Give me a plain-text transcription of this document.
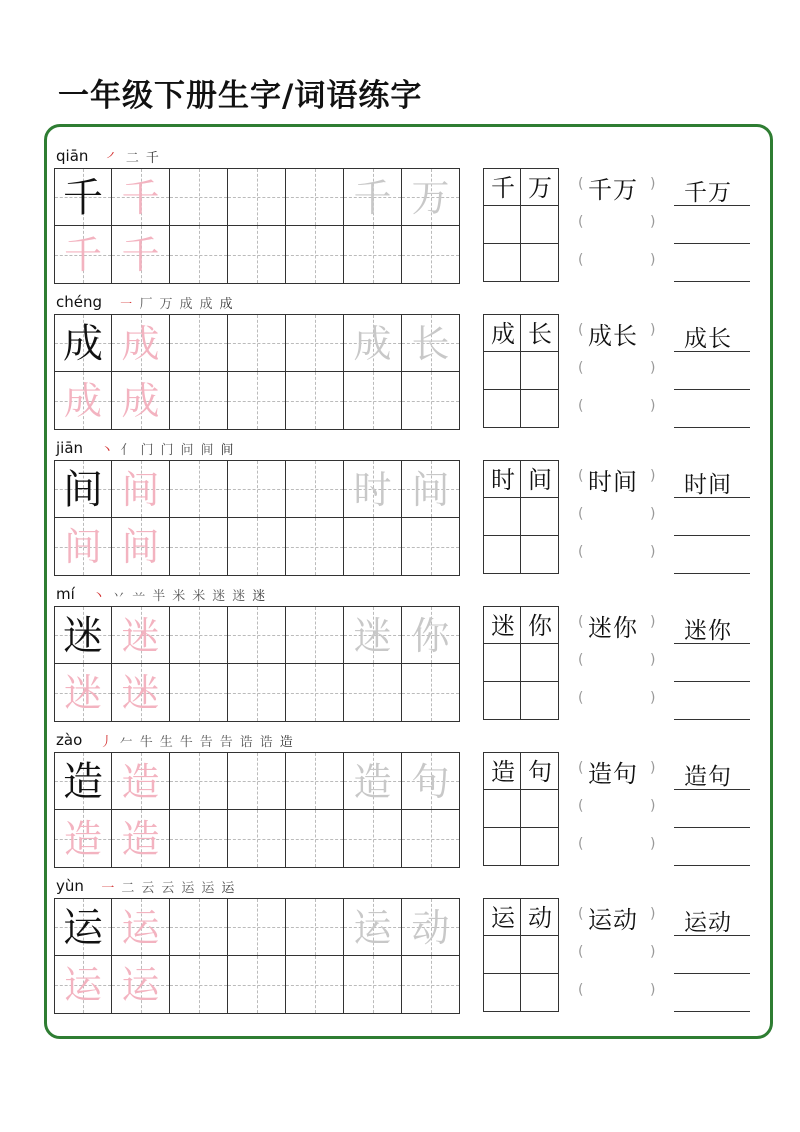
一年级下册生字/词语练字
qiān ㇒ 二 千
千 千	千 万
千 千
千 万	(	)
千万
(	)
(	)
千万
chéng ㇐ 厂 万 成 成 成
成 成	成 长
成 成
成 长	(	)
成长
(	)
(	)
成长
jiān 丶 亻 门 门 问 间 间
间 间	时 间
间 间
时 间	(	)
时间
(	)
(	)
时间
mí 丶 丷 䒑 半 米 米 迷 迷 迷
迷 迷	迷 你
迷 迷
迷 你	(	)
迷你
(	)
(	)
迷你
zào 丿 𠂉 牛 生 牛 告 告 诰 诰 造
造 造	造 句
造 造
造 句	(	)
造句
(	)
(	)
造句
yùn 一 二 云 云 运 运 运
运 运	运 动
运 运
运 动	(	)
运动
(	)
(	)
运动
